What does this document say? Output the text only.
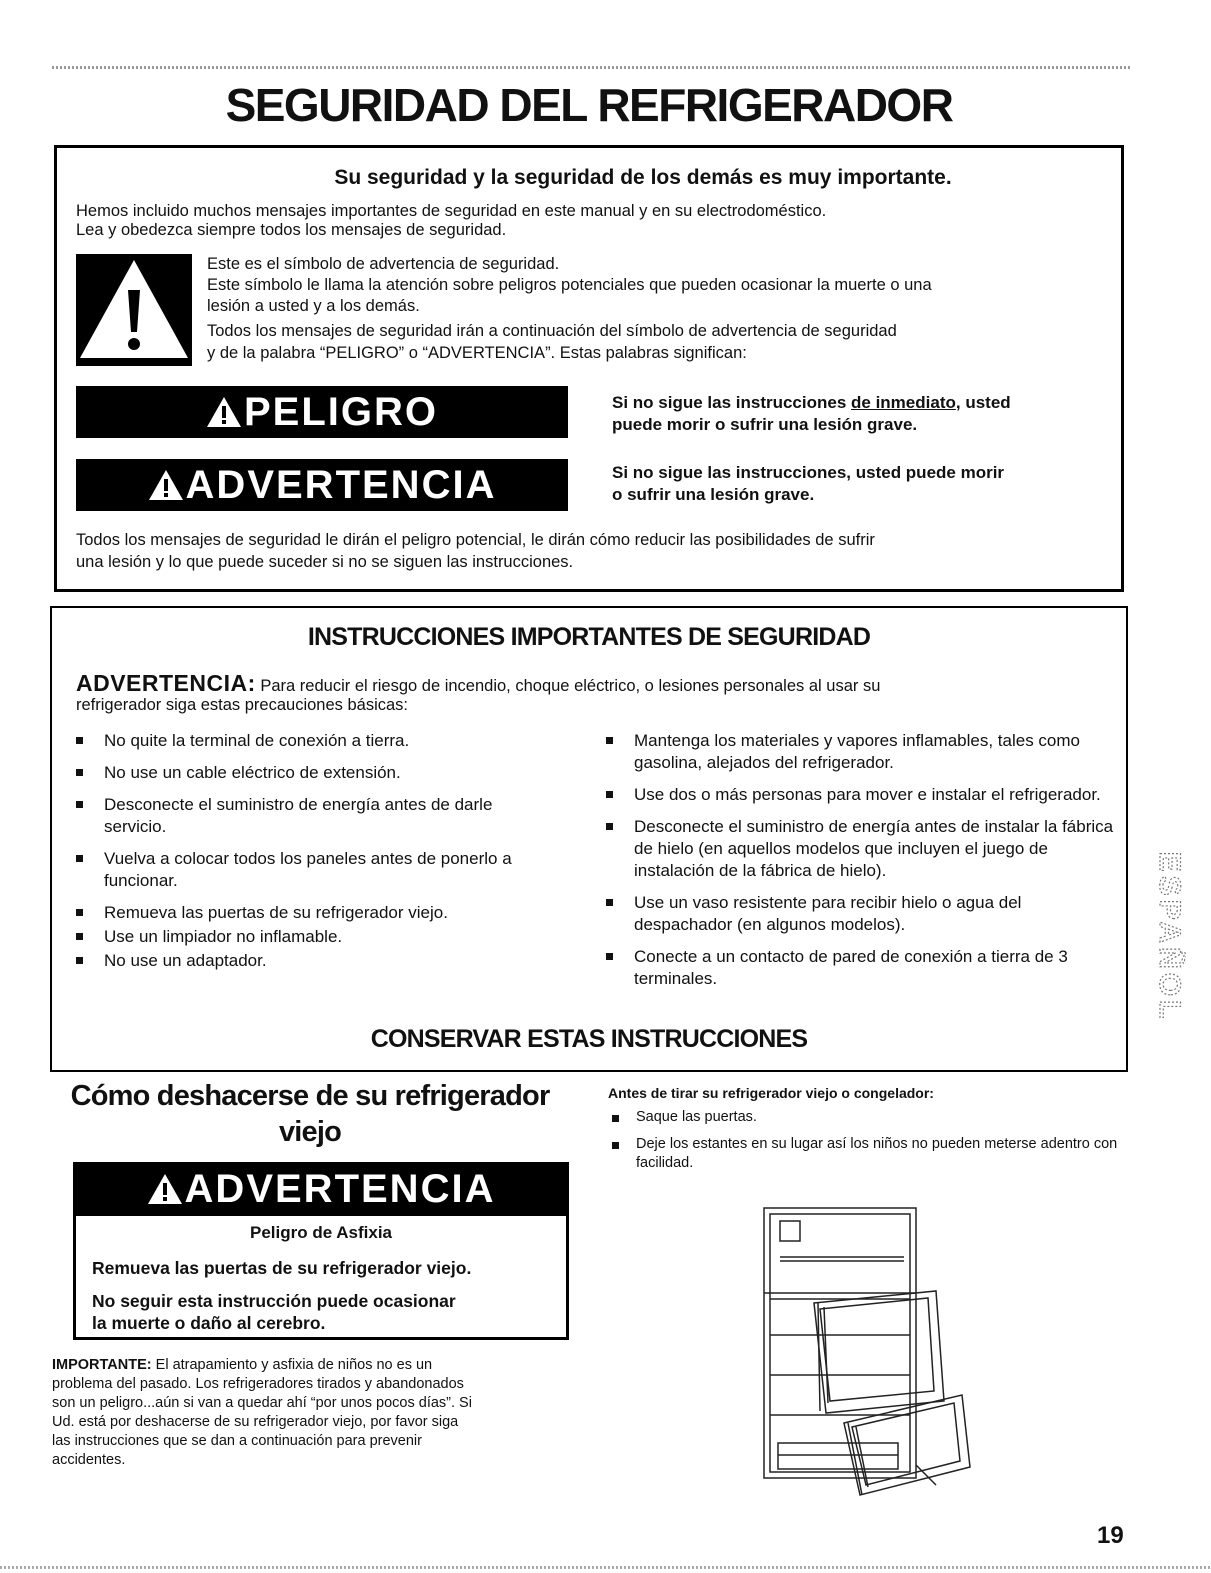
SEGURIDAD DEL REFRIGERADOR
Su seguridad y la seguridad de los demás es muy importante.
Hemos incluido muchos mensajes importantes de seguridad en este manual y en su electrodoméstico.
Lea y obedezca siempre todos los mensajes de seguridad.
Este es el símbolo de advertencia de seguridad.
Este símbolo le llama la atención sobre peligros potenciales que pueden ocasionar la muerte o una
lesión a usted y a los demás.
Todos los mensajes de seguridad irán a continuación del símbolo de advertencia de seguridad
y de la palabra “PELIGRO” o “ADVERTENCIA”. Estas palabras significan:
PELIGRO	Si no sigue las instrucciones de inmediato, usted
puede morir o sufrir una lesión grave.
ADVERTENCIA	Si no sigue las instrucciones, usted puede morir
o sufrir una lesión grave.
Todos los mensajes de seguridad le dirán el peligro potencial, le dirán cómo reducir las posibilidades de sufrir
una lesión y lo que puede suceder si no se siguen las instrucciones.
INSTRUCCIONES IMPORTANTES DE SEGURIDAD
ADVERTENCIA: Para reducir el riesgo de incendio, choque eléctrico, o lesiones personales al usar su
refrigerador siga estas precauciones básicas:
No quite la terminal de conexión a tierra.
No use un cable eléctrico de extensión.
Desconecte el suministro de energía antes de darle servicio.
Vuelva a colocar todos los paneles antes de ponerlo a funcionar.
Remueva las puertas de su refrigerador viejo.
Use un limpiador no inflamable.
No use un adaptador.
Mantenga los materiales y vapores inflamables, tales como gasolina, alejados del refrigerador.
Use dos o más personas para mover e instalar el refrigerador.
Desconecte el suministro de energía antes de instalar la fábrica de hielo (en aquellos modelos que incluyen el juego de instalación de la fábrica de hielo).
Use un vaso resistente para recibir hielo o agua del despachador (en algunos modelos).
Conecte a un contacto de pared de conexión a tierra de 3 terminales.
CONSERVAR ESTAS INSTRUCCIONES
Cómo deshacerse de su refrigerador
viejo
ADVERTENCIA
Peligro de Asfixia
Remueva las puertas de su refrigerador viejo.
No seguir esta instrucción puede ocasionar
la muerte o daño al cerebro.
IMPORTANTE: El atrapamiento y asfixia de niños no es un
problema del pasado. Los refrigeradores tirados y abandonados
son un peligro...aún si van a quedar ahí “por unos pocos días”. Si
Ud. está por deshacerse de su refrigerador viejo, por favor siga
las instrucciones que se dan a continuación para prevenir
accidentes.
Antes de tirar su refrigerador viejo o congelador:
Saque las puertas.
Deje los estantes en su lugar así los niños no pueden meterse adentro con facilidad.
ESPAÑOL
19
